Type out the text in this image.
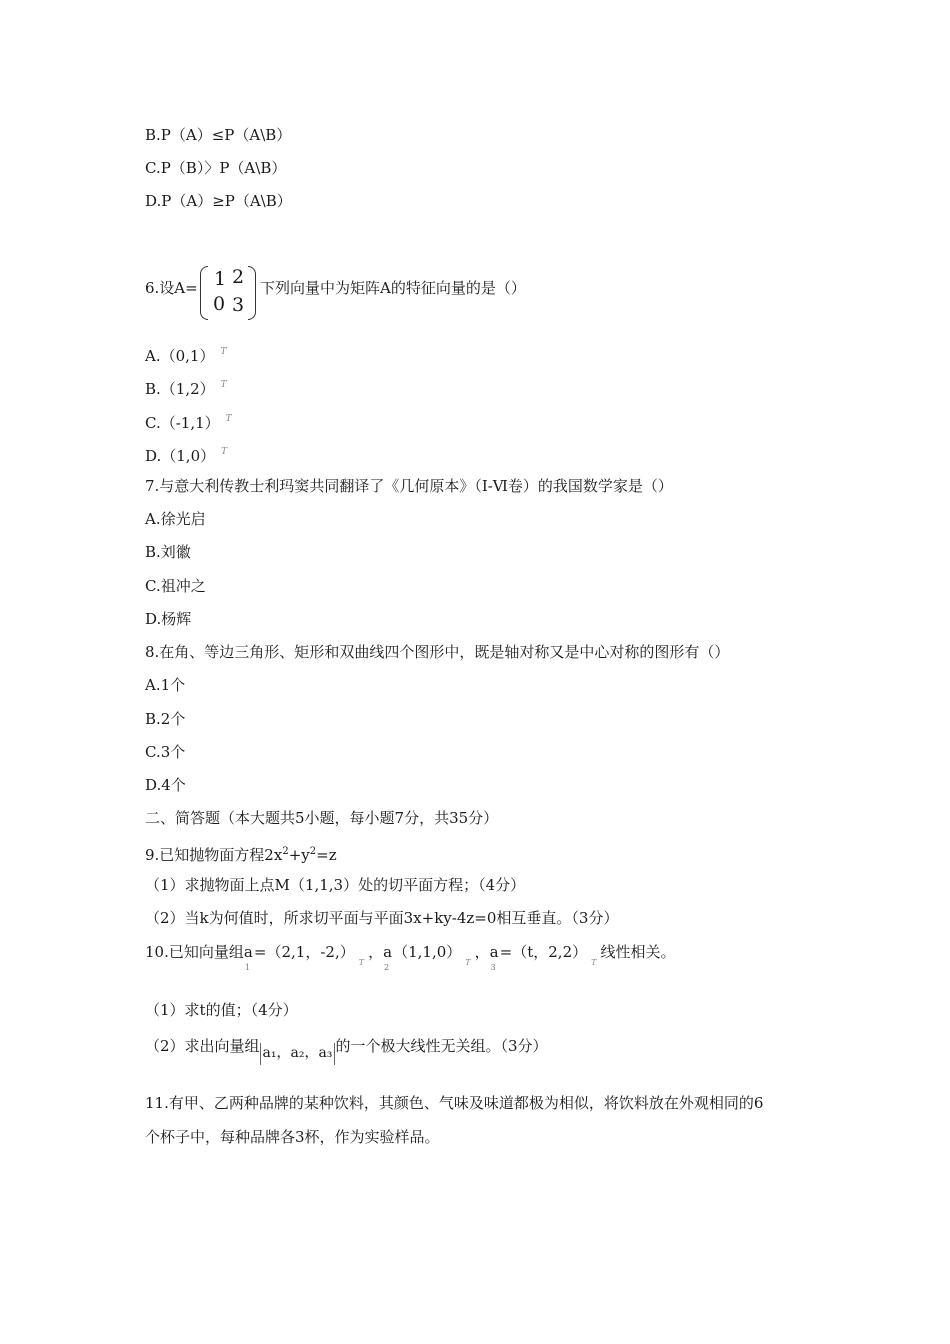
B.P（A）≤P（A\B）
C.P（B）〉P（A\B）
D.P（A）≥P（A\B）
6.设A= 1 2
0 3
下列向量中为矩阵A的特征向量的是（）
A.（0,1） $^T$
B.（1,2） $^T$
C.（-1,1） $^T$
D.（1,0） $^T$
7.与意大利传教士利玛窦共同翻译了《几何原本》（Ⅰ-Ⅵ卷）的我国数学家是（）
A.徐光启
B.刘徽
C.祖冲之
D.杨辉
8.在角、等边三角形、矩形和双曲线四个图形中，既是轴对称又是中心对称的图形有（）
A.1个
B.2个
C.3个
D.4个
二、简答题（本大题共5小题，每小题7分，共35分）
9.已知抛物面方程$2x^2+y^2=z$
（1）求抛物面上点M（1,1,3）处的切平面方程；（4分）
（2）当k为何值时，所求切平面与平面3x+ky-4z=0相互垂直。（3分）
10.已知向量组$a_1=(2,1$，$-2,)_T$，$a_2(1,1,0)_T$，$a_3=(t$，$2,2)_T$线性相关。
（1）求t的值；（4分）
（2）求出向量组 a₁，a₂，a₃ 的一个极大线性无关组。（3分）
11.有甲、乙两种品牌的某种饮料，其颜色、气味及味道都极为相似，将饮料放在外观相同的6
个杯子中，每种品牌各3杯，作为实验样品。
